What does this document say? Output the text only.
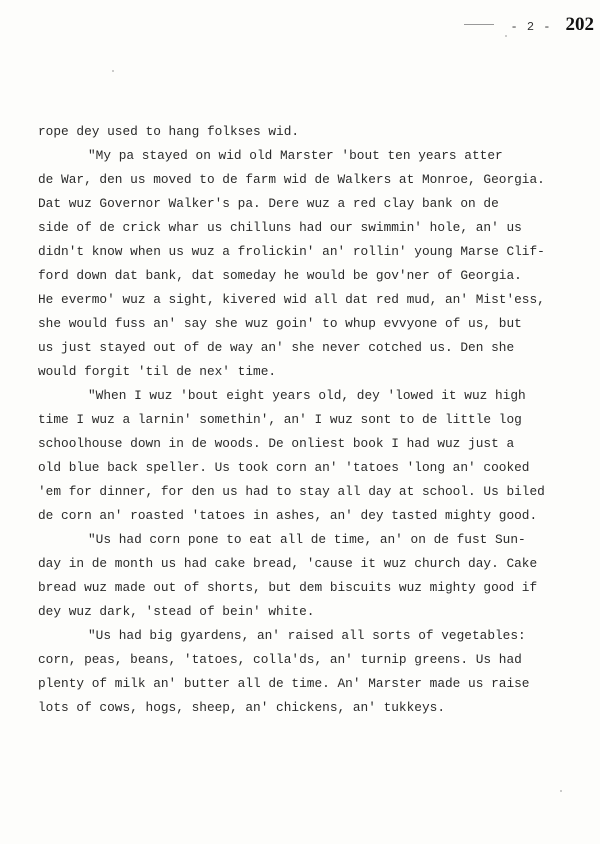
- 2 - 202

rope dey used to hang folkses wid.

"My pa stayed on wid old Marster 'bout ten years atter
de War, den us moved to de farm wid de Walkers at Monroe, Georgia.
Dat wuz Governor Walker's pa. Dere wuz a red clay bank on de
side of de crick whar us chilluns had our swimmin' hole, an' us
didn't know when us wuz a frolickin' an' rollin' young Marse Clif-
ford down dat bank, dat someday he would be gov'ner of Georgia.
He evermo' wuz a sight, kivered wid all dat red mud, an' Mist'ess,
she would fuss an' say she wuz goin' to whup evvyone of us, but
us just stayed out of de way an' she never cotched us. Den she
would forgit 'til de nex' time.

"When I wuz 'bout eight years old, dey 'lowed it wuz high
time I wuz a larnin' somethin', an' I wuz sont to de little log
schoolhouse down in de woods. De onliest book I had wuz just a
old blue back speller. Us took corn an' 'tatoes 'long an' cooked
'em for dinner, for den us had to stay all day at school. Us biled
de corn an' roasted 'tatoes in ashes, an' dey tasted mighty good.

"Us had corn pone to eat all de time, an' on de fust Sun-
day in de month us had cake bread, 'cause it wuz church day. Cake
bread wuz made out of shorts, but dem biscuits wuz mighty good if
dey wuz dark, 'stead of bein' white.

"Us had big gyardens, an' raised all sorts of vegetables:
corn, peas, beans, 'tatoes, colla'ds, an' turnip greens. Us had
plenty of milk an' butter all de time. An' Marster made us raise
lots of cows, hogs, sheep, an' chickens, an' tukkeys.
